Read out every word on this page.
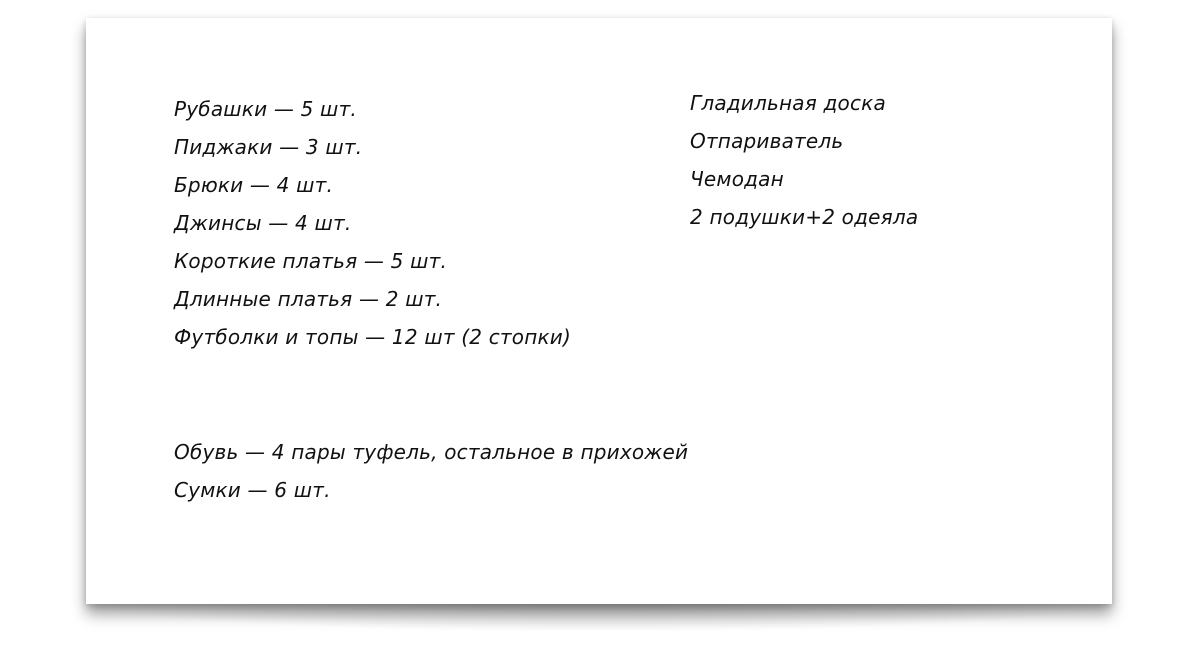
Рубашки — 5 шт.
Пиджаки — 3 шт.
Брюки — 4 шт.
Джинсы — 4 шт.
Короткие платья — 5 шт.
Длинные платья — 2 шт.
Футболки и топы — 12 шт (2 стопки)
Гладильная доска
Отпариватель
Чемодан
2 подушки+2 одеяла
Обувь — 4 пары туфель, остальное в прихожей
Сумки — 6 шт.
